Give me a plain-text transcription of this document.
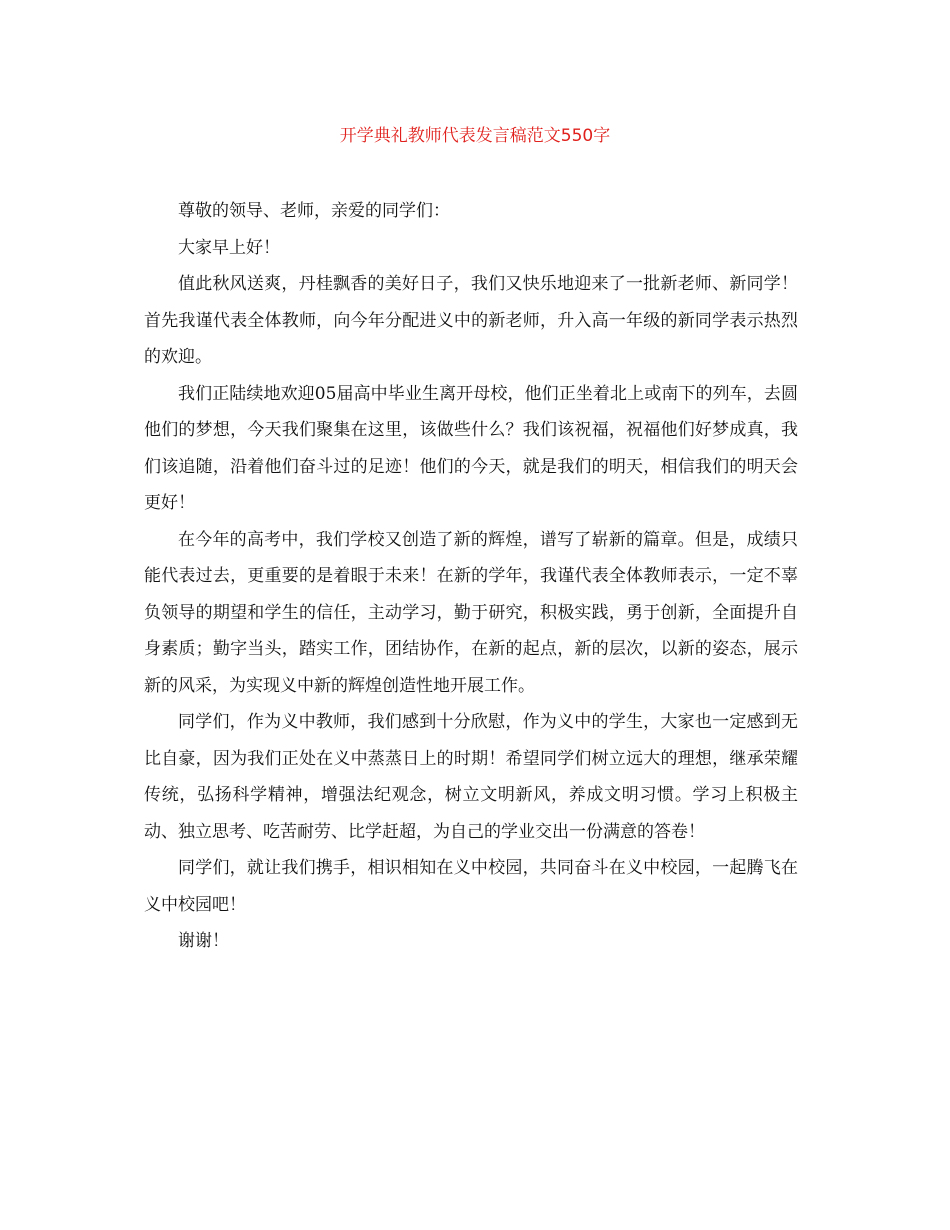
开学典礼教师代表发言稿范文550字

尊敬的领导、老师，亲爱的同学们：

大家早上好！

值此秋风送爽，丹桂飘香的美好日子，我们又快乐地迎来了一批新老师、新同学！首先我谨代表全体教师，向今年分配进义中的新老师，升入高一年级的新同学表示热烈的欢迎。

我们正陆续地欢迎05届高中毕业生离开母校，他们正坐着北上或南下的列车，去圆他们的梦想，今天我们聚集在这里，该做些什么？我们该祝福，祝福他们好梦成真，我们该追随，沿着他们奋斗过的足迹！他们的今天，就是我们的明天，相信我们的明天会更好！

在今年的高考中，我们学校又创造了新的辉煌，谱写了崭新的篇章。但是，成绩只能代表过去，更重要的是着眼于未来！在新的学年，我谨代表全体教师表示，一定不辜负领导的期望和学生的信任，主动学习，勤于研究，积极实践，勇于创新，全面提升自身素质；勤字当头，踏实工作，团结协作，在新的起点，新的层次，以新的姿态，展示新的风采，为实现义中新的辉煌创造性地开展工作。

同学们，作为义中教师，我们感到十分欣慰，作为义中的学生，大家也一定感到无比自豪，因为我们正处在义中蒸蒸日上的时期！希望同学们树立远大的理想，继承荣耀传统，弘扬科学精神，增强法纪观念，树立文明新风，养成文明习惯。学习上积极主动、独立思考、吃苦耐劳、比学赶超，为自己的学业交出一份满意的答卷！

同学们，就让我们携手，相识相知在义中校园，共同奋斗在义中校园，一起腾飞在义中校园吧！

谢谢！
